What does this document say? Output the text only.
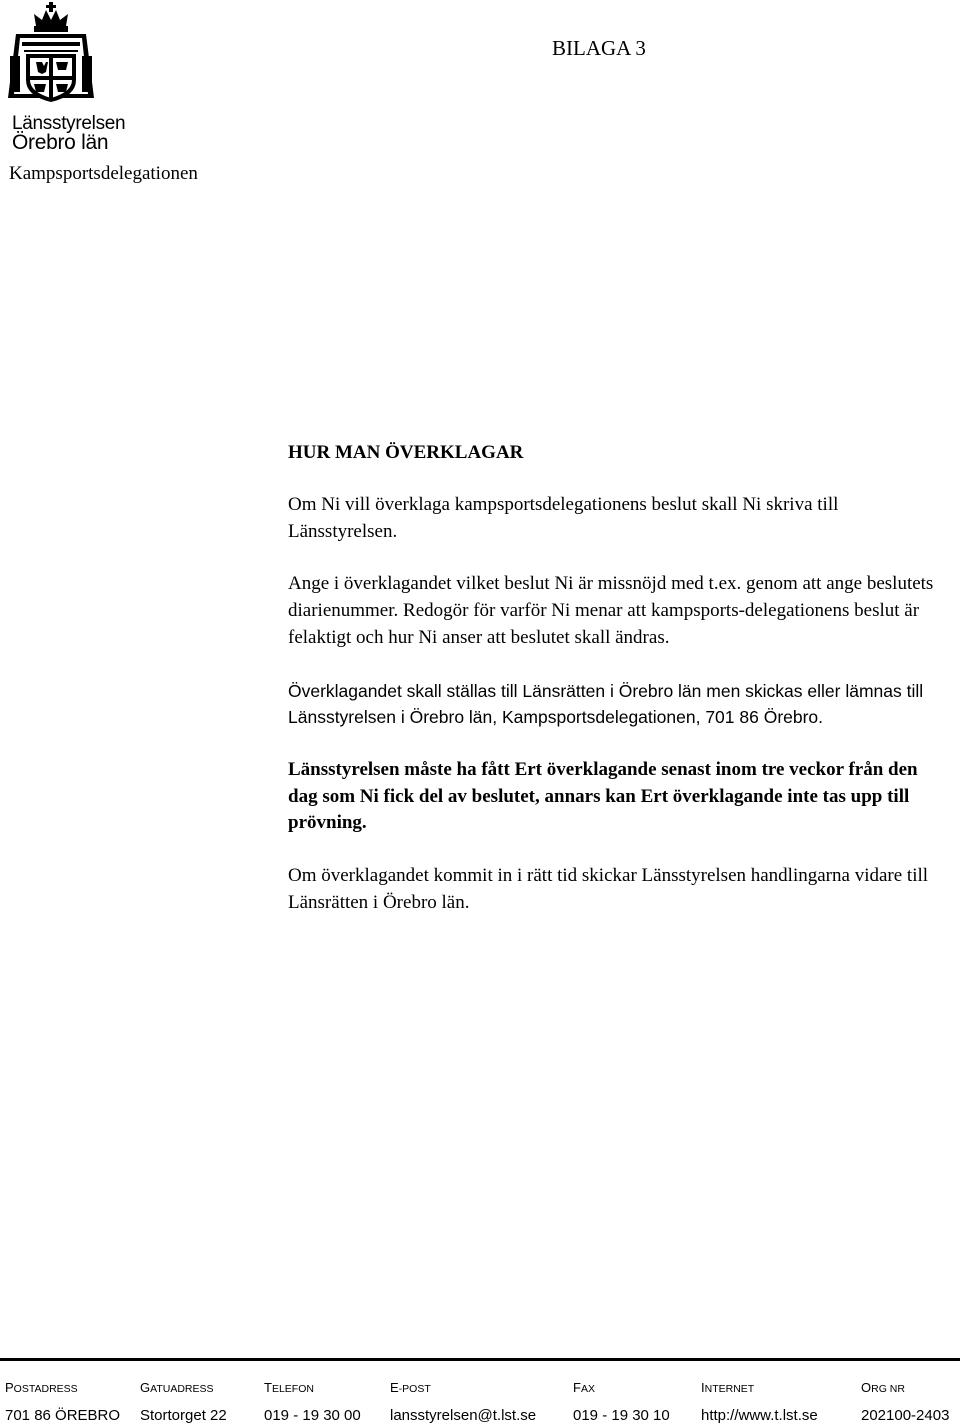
Länsstyrelsen
Örebro län
BILAGA 3
Kampsportsdelegationen
HUR MAN ÖVERKLAGAR

Om Ni vill överklaga kampsportsdelegationens beslut skall Ni skriva till Länsstyrelsen.

Ange i överklagandet vilket beslut Ni är missnöjd med t.ex. genom att ange beslutets diarienummer. Redogör för varför Ni menar att kampsports-delegationens beslut är felaktigt och hur Ni anser att beslutet skall ändras.

Överklagandet skall ställas till Länsrätten i Örebro län men skickas eller lämnas till Länsstyrelsen i Örebro län, Kampsportsdelegationen, 701 86 Örebro.

Länsstyrelsen måste ha fått Ert överklagande senast inom tre veckor från den dag som Ni fick del av beslutet, annars kan Ert överklagande inte tas upp till prövning.

Om överklagandet kommit in i rätt tid skickar Länsstyrelsen handlingarna vidare till Länsrätten i Örebro län.

POSTADRESS
701 86 ÖREBRO
GATUADRESS
Stortorget 22
TELEFON
019 - 19 30 00
E-POST
lansstyrelsen@t.lst.se
FAX
019 - 19 30 10
INTERNET
http://www.t.lst.se
ORG NR
202100-2403
